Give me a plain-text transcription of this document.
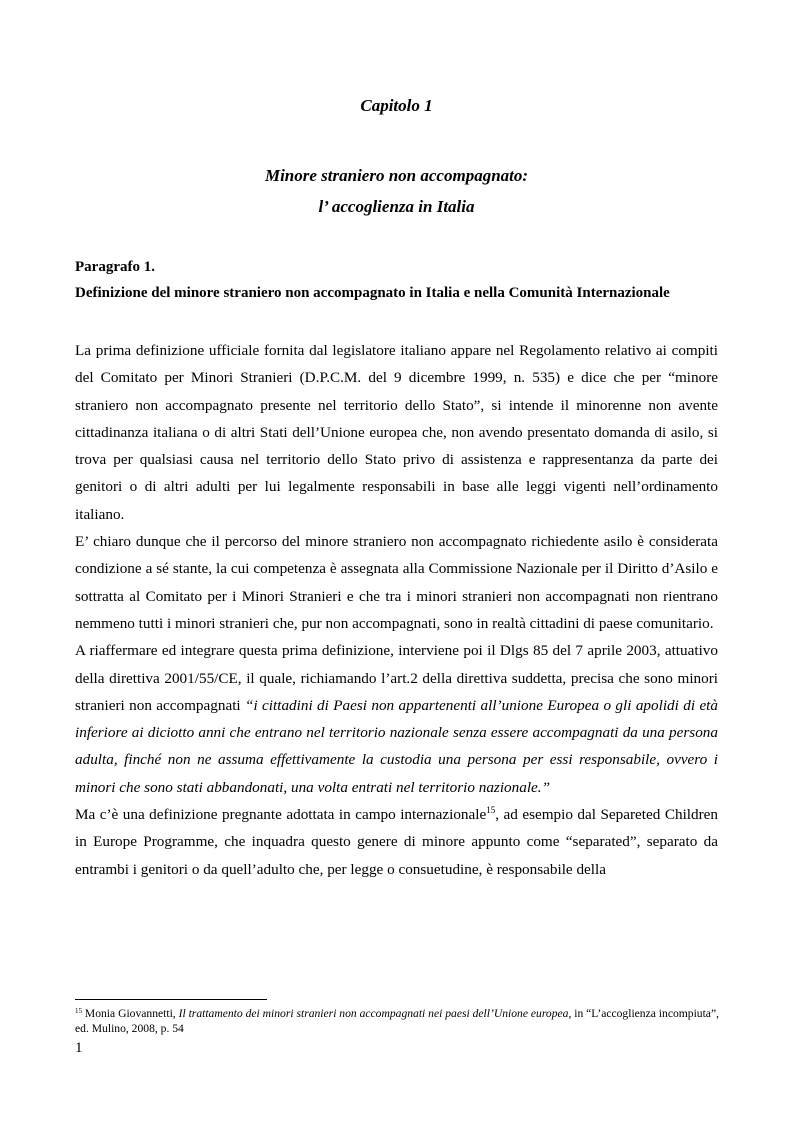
Capitolo 1
Minore straniero non accompagnato:
l’ accoglienza in Italia
Paragrafo 1.
Definizione del minore straniero non accompagnato in Italia e nella Comunità Internazionale

La prima definizione ufficiale fornita dal legislatore italiano appare nel Regolamento relativo ai compiti del Comitato per Minori Stranieri (D.P.C.M. del 9 dicembre 1999, n. 535) e dice che per “minore straniero non accompagnato presente nel territorio dello Stato”, si intende il minorenne non avente cittadinanza italiana o di altri Stati dell’Unione europea che, non avendo presentato domanda di asilo, si trova per qualsiasi causa nel territorio dello Stato privo di assistenza e rappresentanza da parte dei genitori o di altri adulti per lui legalmente responsabili in base alle leggi vigenti nell’ordinamento italiano.

E’ chiaro dunque che il percorso del minore straniero non accompagnato richiedente asilo è considerata condizione a sé stante, la cui competenza è assegnata alla Commissione Nazionale per il Diritto d’Asilo e sottratta al Comitato per i Minori Stranieri e che tra i minori stranieri non accompagnati non rientrano nemmeno tutti i minori stranieri che, pur non accompagnati, sono in realtà cittadini di paese comunitario.

A riaffermare ed integrare questa prima definizione, interviene poi il Dlgs 85 del 7 aprile 2003, attuativo della direttiva 2001/55/CE, il quale, richiamando l’art.2 della direttiva suddetta, precisa che sono minori stranieri non accompagnati “i cittadini di Paesi non appartenenti all’unione Europea o gli apolidi di età inferiore ai diciotto anni che entrano nel territorio nazionale senza essere accompagnati da una persona adulta, finché non ne assuma effettivamente la custodia una persona per essi responsabile, ovvero i minori che sono stati abbandonati, una volta entrati nel territorio nazionale.”

Ma c’è una definizione pregnante adottata in campo internazionale$^{15}$, ad esempio dal Separeted Children in Europe Programme, che inquadra questo genere di minore appunto come “separated”, separato da entrambi i genitori o da quell’adulto che, per legge o consuetudine, è responsabile della

$^{15}$ Monia Giovannetti, Il trattamento dei minori stranieri non accompagnati nei paesi dell’Unione europea, in “L’accoglienza incompiuta”, ed. Mulino, 2008, p. 54
1
